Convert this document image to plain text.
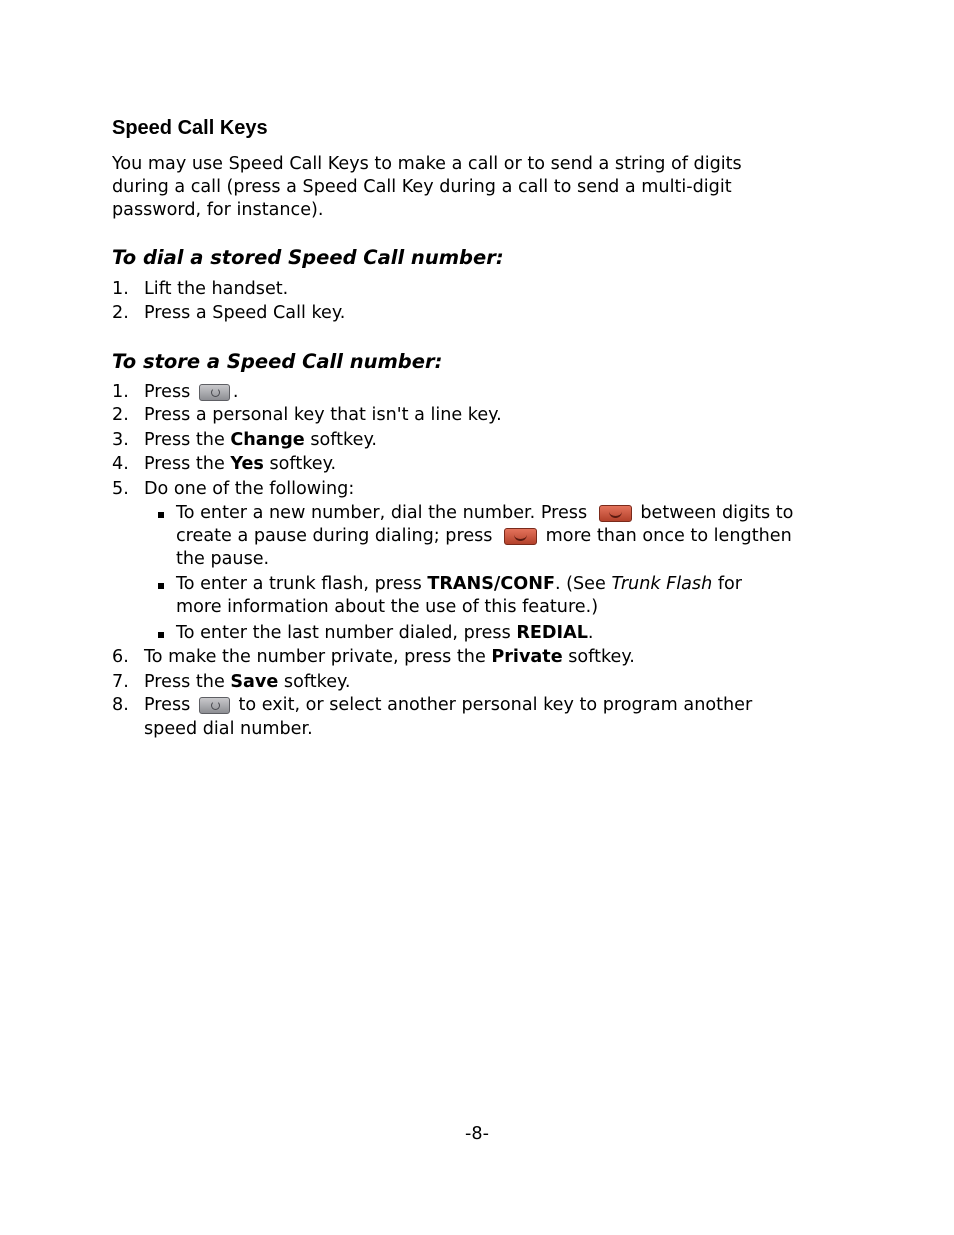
Speed Call Keys
You may use Speed Call Keys to make a call or to send a string of digits
during a call (press a Speed Call Key during a call to send a multi-digit
password, for instance).
To dial a stored Speed Call number:
1. Lift the handset.
2. Press a Speed Call key.
To store a Speed Call number:
1. Press .
2. Press a personal key that isn't a line key.
3. Press the Change softkey.
4. Press the Yes softkey.
5. Do one of the following:
To enter a new number, dial the number. Press	between digits to
create a pause during dialing; press	more than once to lengthen
the pause.
To enter a trunk flash, press TRANS/CONF. (See Trunk Flash for
more information about the use of this feature.)
To enter the last number dialed, press REDIAL.
6. To make the number private, press the Private softkey.
7. Press the Save softkey.
8. Press	to exit, or select another personal key to program another
speed dial number.
-8-
